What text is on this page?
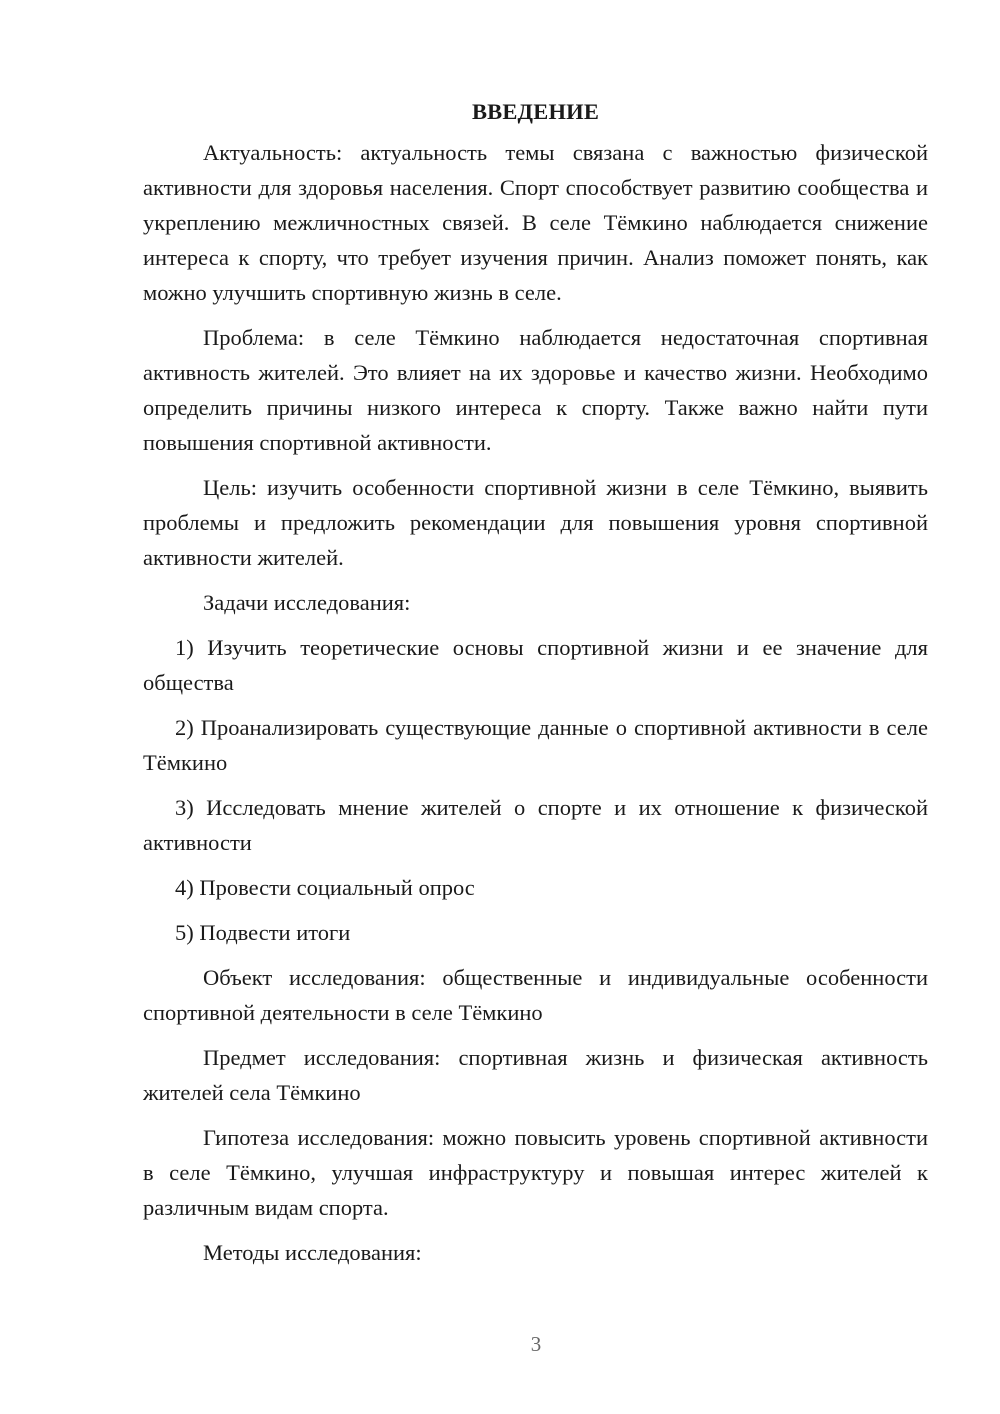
ВВЕДЕНИЕ

Актуальность: актуальность темы связана с важностью физической активности для здоровья населения. Спорт способствует развитию сообщества и укреплению межличностных связей. В селе Тёмкино наблюдается снижение интереса к спорту, что требует изучения причин. Анализ поможет понять, как можно улучшить спортивную жизнь в селе.

Проблема: в селе Тёмкино наблюдается недостаточная спортивная активность жителей. Это влияет на их здоровье и качество жизни. Необходимо определить причины низкого интереса к спорту. Также важно найти пути повышения спортивной активности.

Цель: изучить особенности спортивной жизни в селе Тёмкино, выявить проблемы и предложить рекомендации для повышения уровня спортивной активности жителей.

Задачи исследования:

1) Изучить теоретические основы спортивной жизни и ее значение для общества

2) Проанализировать существующие данные о спортивной активности в селе Тёмкино

3) Исследовать мнение жителей о спорте и их отношение к физической активности

4) Провести социальный опрос

5) Подвести итоги

Объект исследования: общественные и индивидуальные особенности спортивной деятельности в селе Тёмкино

Предмет исследования: спортивная жизнь и физическая активность жителей села Тёмкино

Гипотеза исследования: можно повысить уровень спортивной активности в селе Тёмкино, улучшая инфраструктуру и повышая интерес жителей к различным видам спорта.

Методы исследования:

3
